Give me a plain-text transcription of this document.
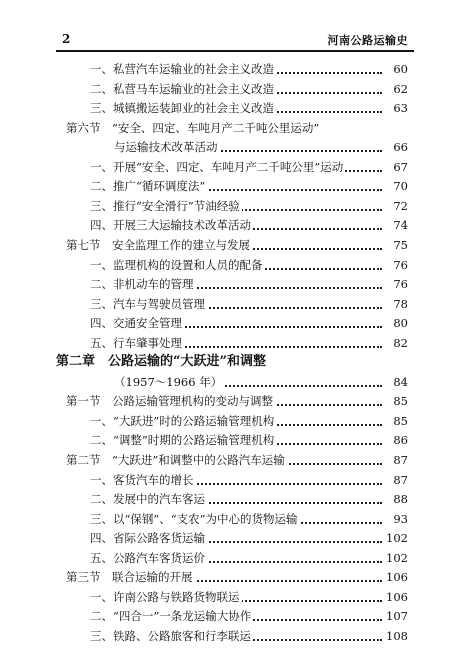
2	河南公路运输史
一、私营汽车运输业的社会主义改造	60
二、私营马车运输业的社会主义改造	62
三、城镇搬运装卸业的社会主义改造	63
第六节　“安全、四定、车吨月产二千吨公里运动”
与运输技术改革活动	66
一、开展“安全、四定、车吨月产二千吨公里”运动	67
二、推广“循环调度法”	70
三、推行“安全滑行”节油经验	72
四、开展三大运输技术改革活动	74
第七节　安全监理工作的建立与发展	75
一、监理机构的设置和人员的配备	76
二、非机动车的管理	76
三、汽车与驾驶员管理	78
四、交通安全管理	80
五、行车肇事处理	82
第二章　公路运输的“大跃进”和调整
（1957～1966 年）	84
第一节　公路运输管理机构的变动与调整	85
一、“大跃进”时的公路运输管理机构	85
二、“调整”时期的公路运输管理机构	86
第二节　“大跃进”和调整中的公路汽车运输	87
一、客货汽车的增长	87
二、发展中的汽车客运	88
三、以“保钢”、“支农”为中心的货物运输	93
四、省际公路客货运输	102
五、公路汽车客货运价	102
第三节　联合运输的开展	106
一、许南公路与铁路货物联运	106
二、“四合一”一条龙运输大协作	107
三、铁路、公路旅客和行李联运	108
